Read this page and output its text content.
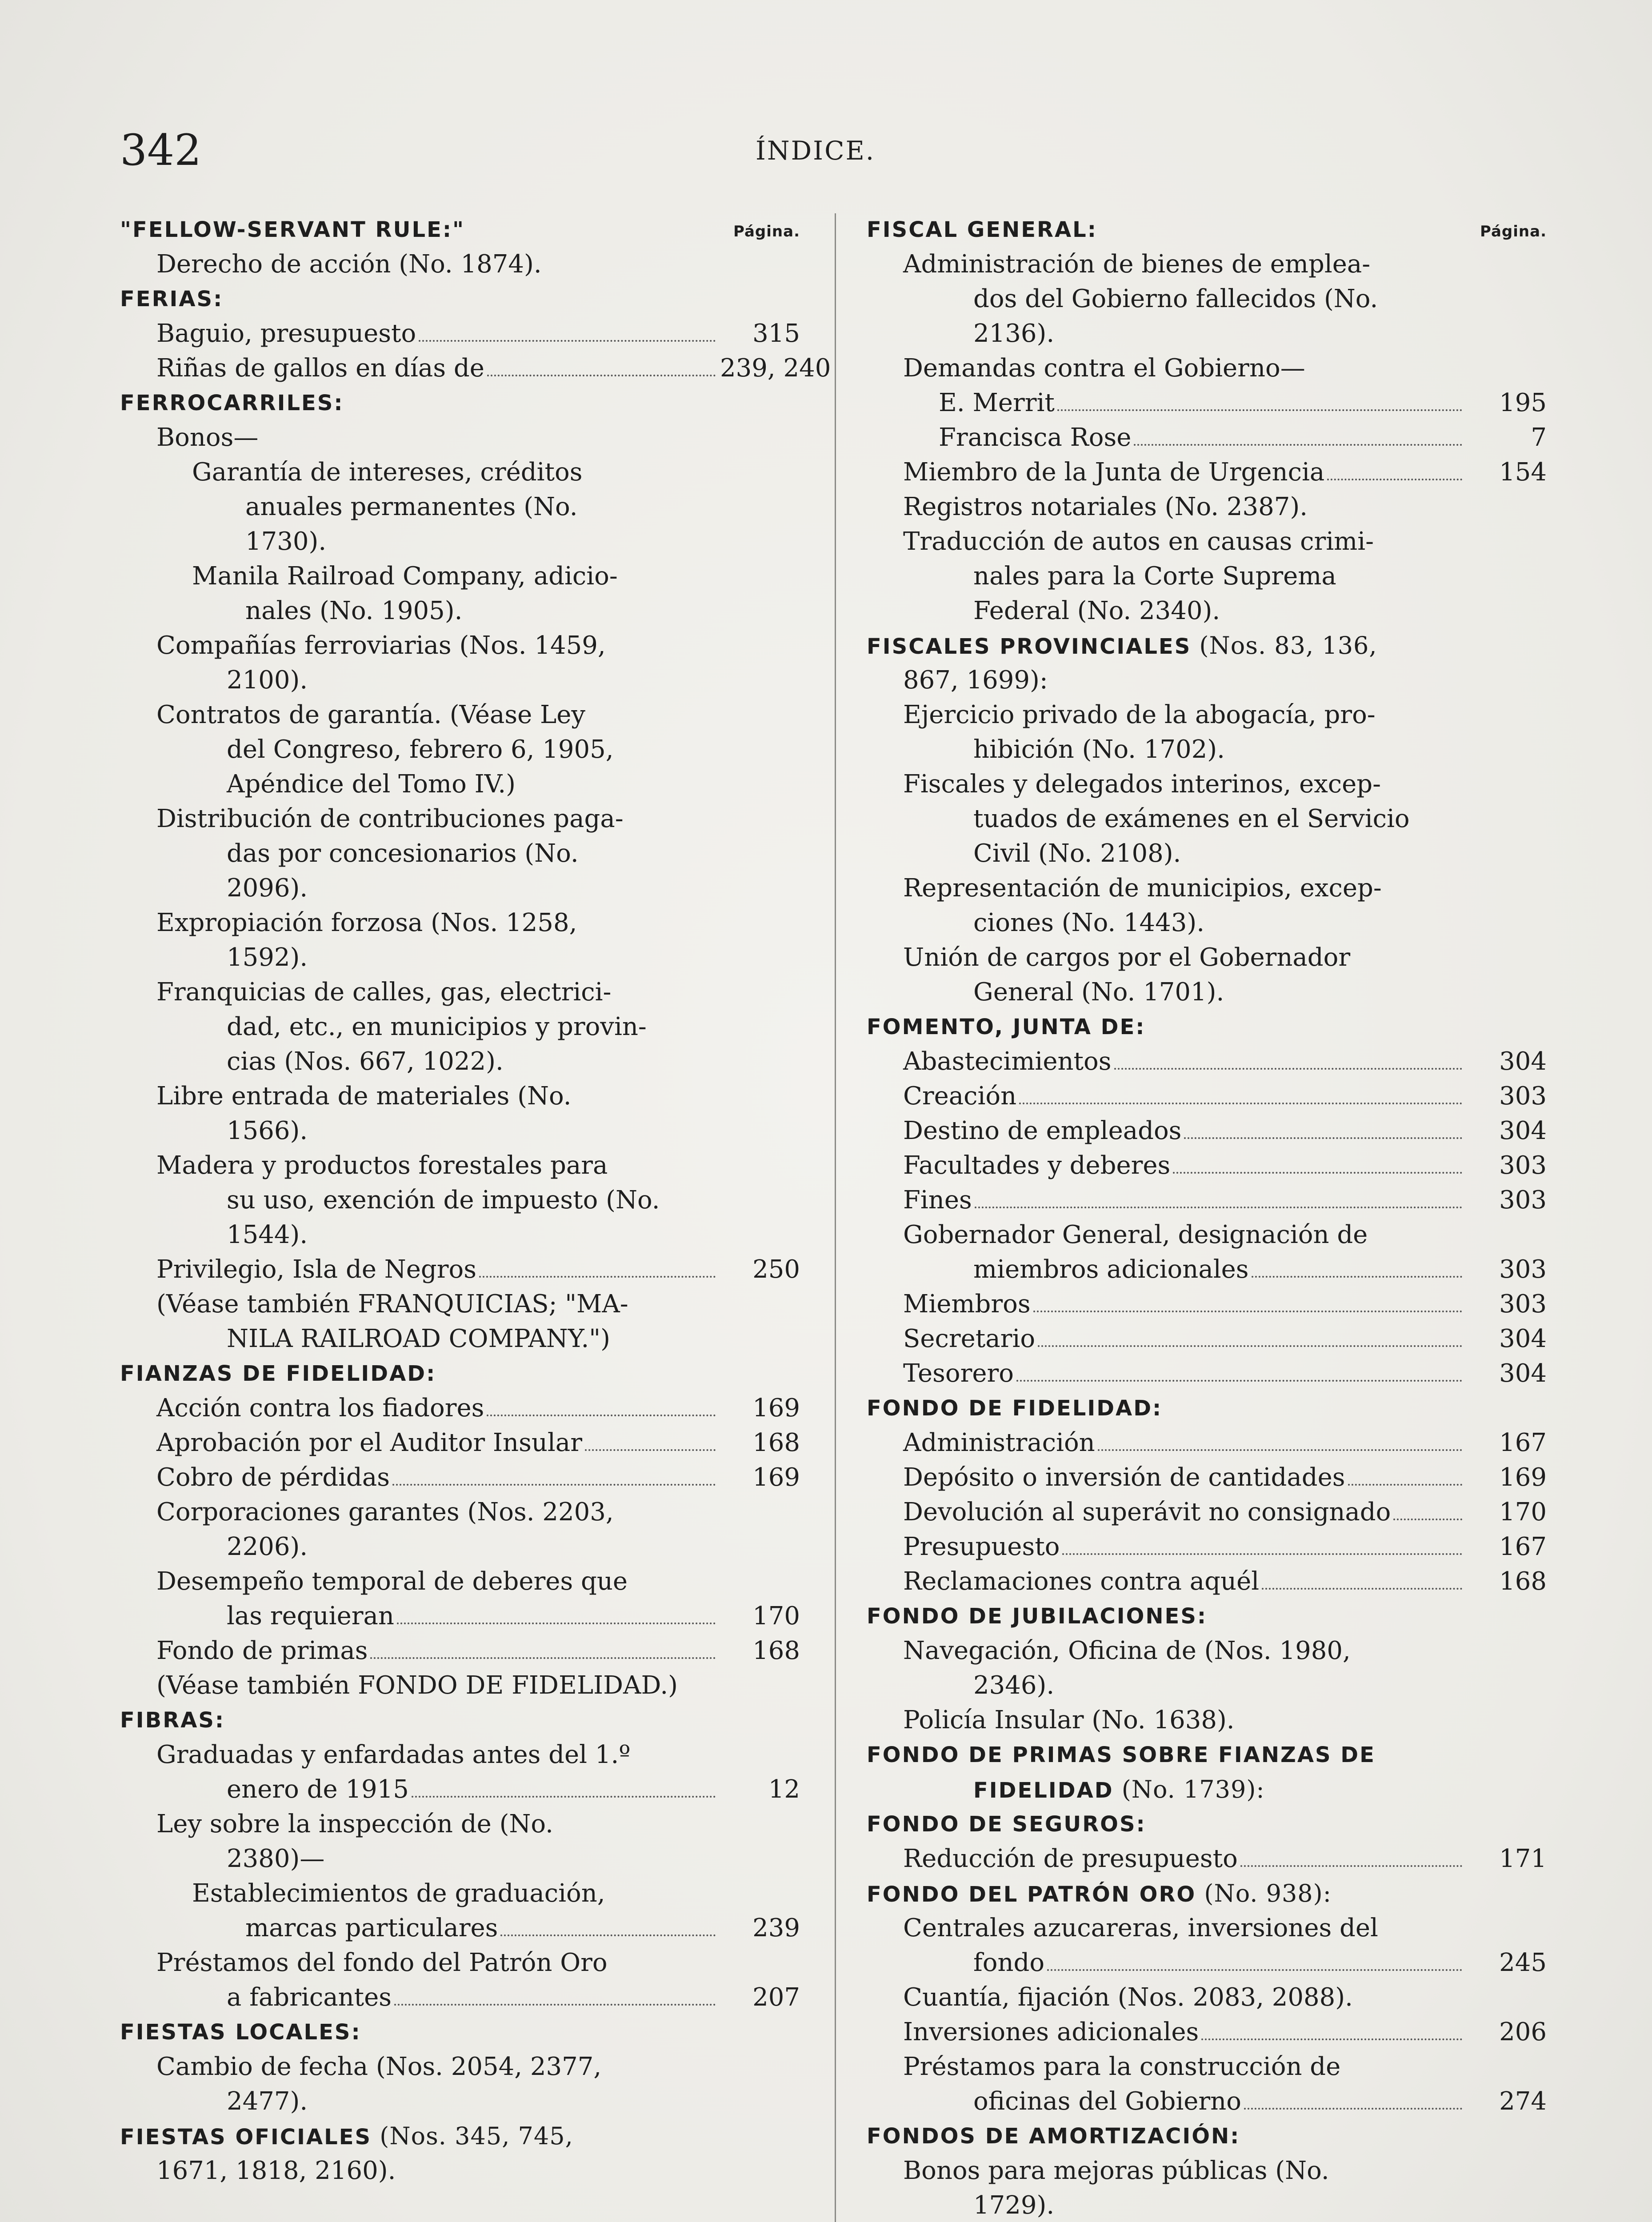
342	ÍNDICE.
"FELLOW-SERVANT RULE:"	Página.
Derecho de acción (No. 1874).
FERIAS:
Baguio, presupuesto	315
Riñas de gallos en días de	239, 240
FERROCARRILES:
Bonos—
Garantía de intereses, créditos
anuales permanentes (No.
1730).
Manila Railroad Company, adicio-
nales (No. 1905).
Compañías ferroviarias (Nos. 1459,
2100).
Contratos de garantía. (Véase Ley
del Congreso, febrero 6, 1905,
Apéndice del Tomo IV.)
Distribución de contribuciones paga-
das por concesionarios (No.
2096).
Expropiación forzosa (Nos. 1258,
1592).
Franquicias de calles, gas, electrici-
dad, etc., en municipios y provin-
cias (Nos. 667, 1022).
Libre entrada de materiales (No.
1566).
Madera y productos forestales para
su uso, exención de impuesto (No.
1544).
Privilegio, Isla de Negros	250
(Véase también FRANQUICIAS; "MA-
NILA RAILROAD COMPANY.")
FIANZAS DE FIDELIDAD:
Acción contra los fiadores	169
Aprobación por el Auditor Insular	168
Cobro de pérdidas	169
Corporaciones garantes (Nos. 2203,
2206).
Desempeño temporal de deberes que
las requieran	170
Fondo de primas	168
(Véase también FONDO DE FIDELIDAD.)
FIBRAS:
Graduadas y enfardadas antes del 1.º
enero de 1915	12
Ley sobre la inspección de (No.
2380)—
Establecimientos de graduación,
marcas particulares	239
Préstamos del fondo del Patrón Oro
a fabricantes	207
FIESTAS LOCALES:
Cambio de fecha (Nos. 2054, 2377,
2477).
FIESTAS OFICIALES (Nos. 345, 745,
1671, 1818, 2160).
FISCAL GENERAL:	Página.
Administración de bienes de emplea-
dos del Gobierno fallecidos (No.
2136).
Demandas contra el Gobierno—
E. Merrit	195
Francisca Rose	7
Miembro de la Junta de Urgencia	154
Registros notariales (No. 2387).
Traducción de autos en causas crimi-
nales para la Corte Suprema
Federal (No. 2340).
FISCALES PROVINCIALES (Nos. 83, 136,
867, 1699):
Ejercicio privado de la abogacía, pro-
hibición (No. 1702).
Fiscales y delegados interinos, excep-
tuados de exámenes en el Servicio
Civil (No. 2108).
Representación de municipios, excep-
ciones (No. 1443).
Unión de cargos por el Gobernador
General (No. 1701).
FOMENTO, JUNTA DE:
Abastecimientos	304
Creación	303
Destino de empleados	304
Facultades y deberes	303
Fines	303
Gobernador General, designación de
miembros adicionales	303
Miembros	303
Secretario	304
Tesorero	304
FONDO DE FIDELIDAD:
Administración	167
Depósito o inversión de cantidades	169
Devolución al superávit no consignado	170
Presupuesto	167
Reclamaciones contra aquél	168
FONDO DE JUBILACIONES:
Navegación, Oficina de (Nos. 1980,
2346).
Policía Insular (No. 1638).
FONDO DE PRIMAS SOBRE FIANZAS DE
FIDELIDAD (No. 1739):
FONDO DE SEGUROS:
Reducción de presupuesto	171
FONDO DEL PATRÓN ORO (No. 938):
Centrales azucareras, inversiones del
fondo	245
Cuantía, fijación (Nos. 2083, 2088).
Inversiones adicionales	206
Préstamos para la construcción de
oficinas del Gobierno	274
FONDOS DE AMORTIZACIÓN:
Bonos para mejoras públicas (No.
1729).
